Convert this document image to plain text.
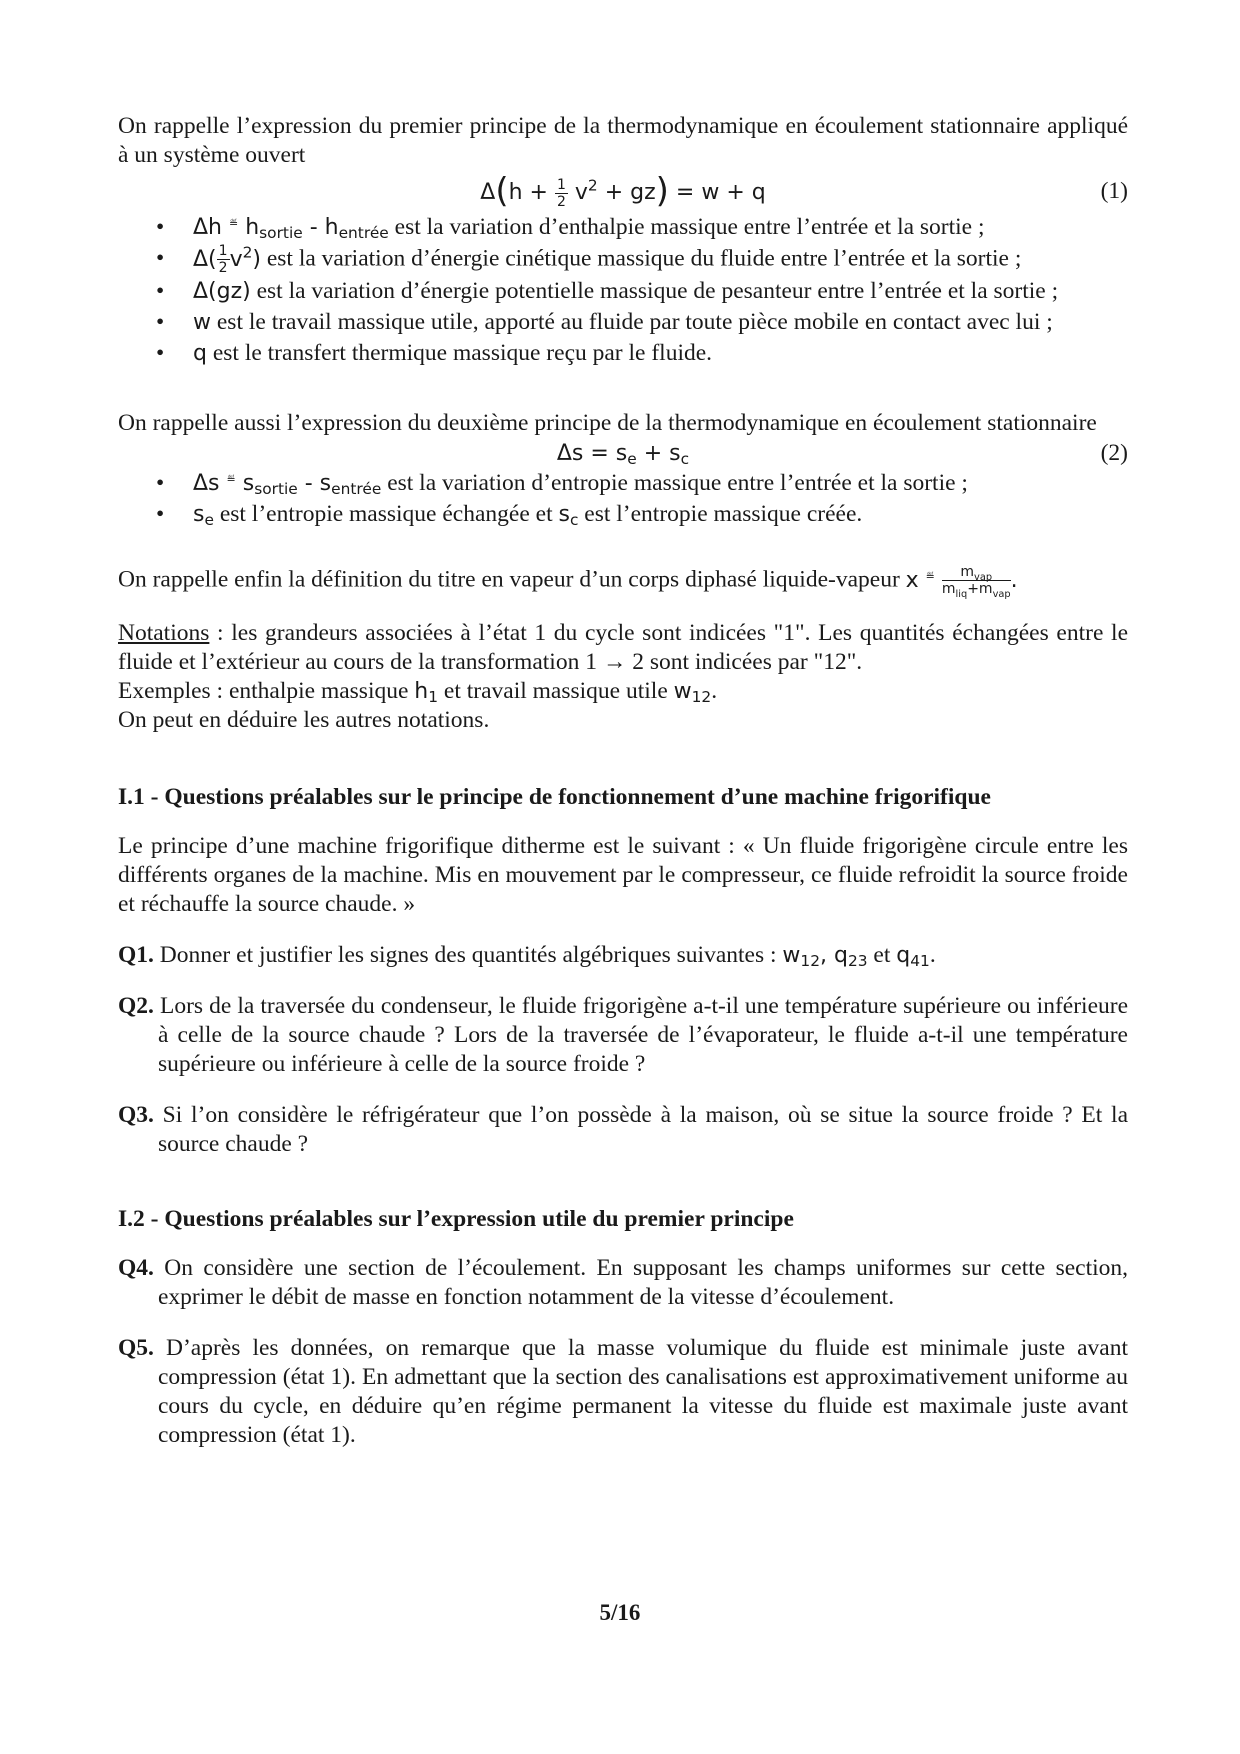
On rappelle l’expression du premier principe de la thermodynamique en écoulement stationnaire appliqué à un système ouvert

$\Delta(h + \frac{1}{2} v^2 + gz) = w + q$	(1)
• Δh ≝ $h_{sortie} - h_{entrée}$ est la variation d’enthalpie massique entre l’entrée et la sortie ;
• $\Delta( \frac{1}{2} v^2)$ est la variation d’énergie cinétique massique du fluide entre l’entrée et la sortie ;
• Δ(gz) est la variation d’énergie potentielle massique de pesanteur entre l’entrée et la sortie ;
• w est le travail massique utile, apporté au fluide par toute pièce mobile en contact avec lui ;
• q est le transfert thermique massique reçu par le fluide.

On rappelle aussi l’expression du deuxième principe de la thermodynamique en écoulement stationnaire

$\Delta s = s_e + s_c$	(2)
• Δs ≝ $s_{sortie} - s_{entrée}$ est la variation d’entropie massique entre l’entrée et la sortie ;
• $s_e$ est l’entropie massique échangée et $s_c$ est l’entropie massique créée.

On rappelle enfin la définition du titre en vapeur d’un corps diphasé liquide-vapeur x ≝ $\frac{m_{vap}}{m_{liq}+m_{vap}}$ .

Notations : les grandeurs associées à l’état 1 du cycle sont indicées "1". Les quantités échangées entre le fluide et l’extérieur au cours de la transformation 1 → 2 sont indicées par "12".

Exemples : enthalpie massique $h_1$ et travail massique utile $w_{12}$.

On peut en déduire les autres notations.

I.1 - Questions préalables sur le principe de fonctionnement d’une machine frigorifique

Le principe d’une machine frigorifique ditherme est le suivant : « Un fluide frigorigène circule entre les différents organes de la machine. Mis en mouvement par le compresseur, ce fluide refroidit la source froide et réchauffe la source chaude. »

Q1. Donner et justifier les signes des quantités algébriques suivantes : $w_{12}$, $q_{23}$ et $q_{41}$.

Q2. Lors de la traversée du condenseur, le fluide frigorigène a-t-il une température supérieure ou inférieure à celle de la source chaude ? Lors de la traversée de l’évaporateur, le fluide a-t-il une température supérieure ou inférieure à celle de la source froide ?

Q3. Si l’on considère le réfrigérateur que l’on possède à la maison, où se situe la source froide ? Et la source chaude ?

I.2 - Questions préalables sur l’expression utile du premier principe

Q4. On considère une section de l’écoulement. En supposant les champs uniformes sur cette section, exprimer le débit de masse en fonction notamment de la vitesse d’écoulement.

Q5. D’après les données, on remarque que la masse volumique du fluide est minimale juste avant compression (état 1). En admettant que la section des canalisations est approximativement uniforme au cours du cycle, en déduire qu’en régime permanent la vitesse du fluide est maximale juste avant compression (état 1).

5/16
